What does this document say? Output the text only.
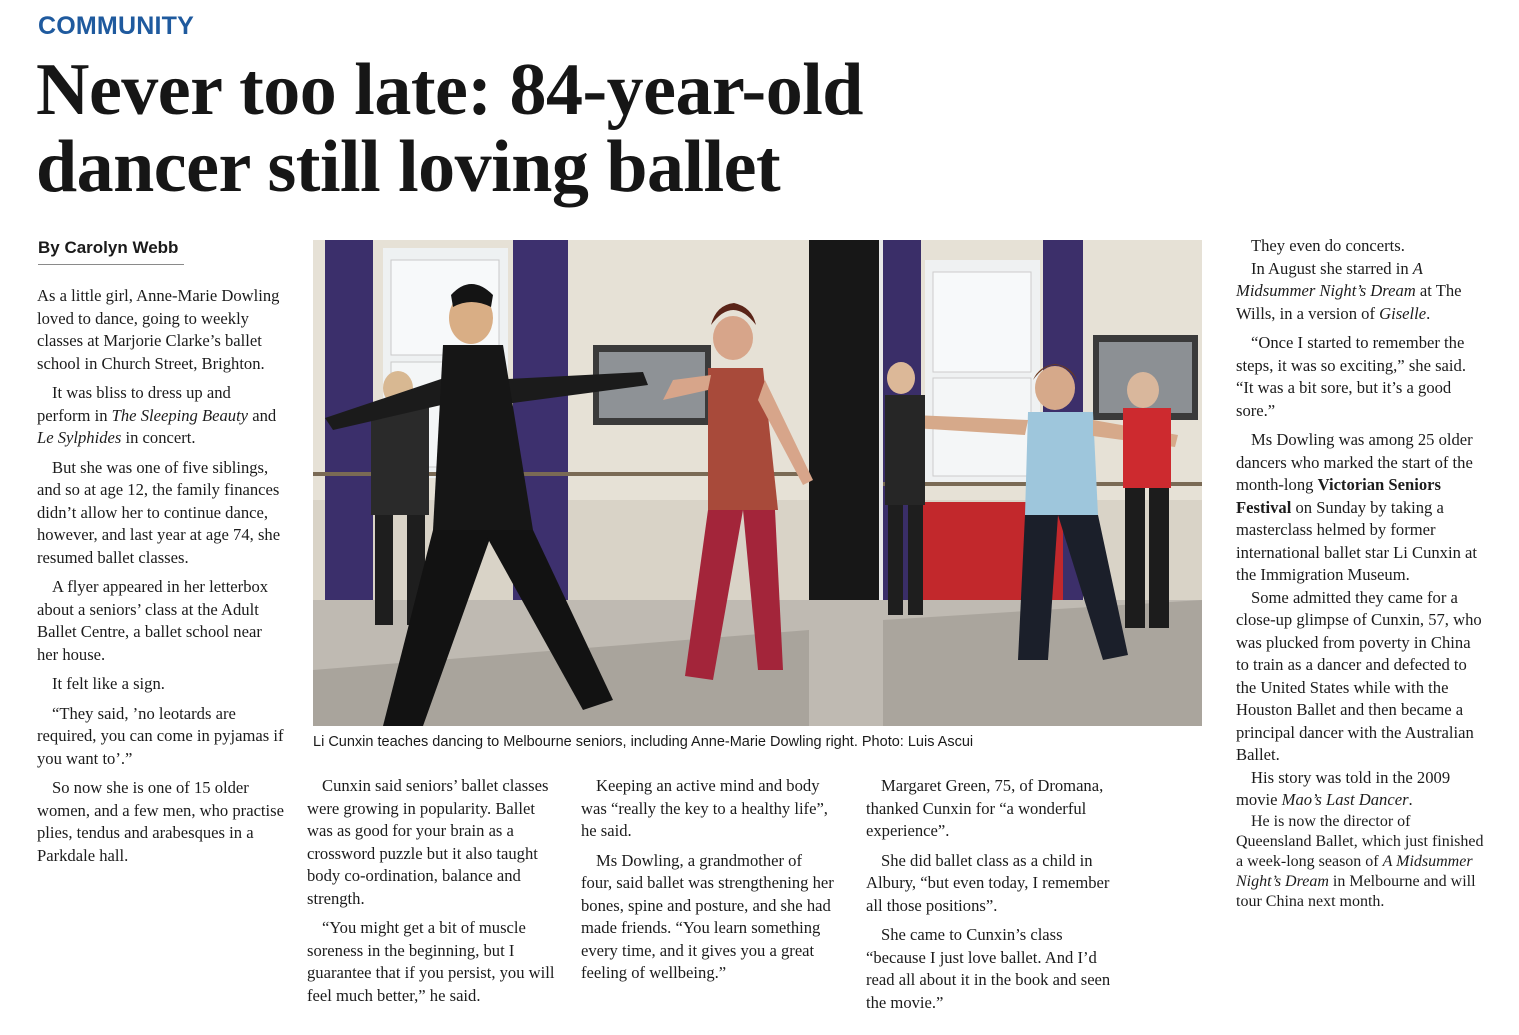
COMMUNITY
Never too late: 84-year-old
dancer still loving ballet
By Carolyn Webb

As a little girl, Anne-Marie Dowling loved to dance, going to weekly classes at Marjorie Clarke’s ballet school in Church Street, Brighton.

It was bliss to dress up and perform in The Sleeping Beauty and Le Sylphides in concert.

But she was one of five siblings, and so at age 12, the family finances didn’t allow her to continue dance, however, and last year at age 74, she resumed ballet classes.

A flyer appeared in her letterbox about a seniors’ class at the Adult Ballet Centre, a ballet school near her house.

It felt like a sign.

“They said, ’no leotards are required, you can come in pyjamas if you want to’.”

So now she is one of 15 older women, and a few men, who practise plies, tendus and arabesques in a Parkdale hall.

Li Cunxin teaches dancing to Melbourne seniors, including Anne-Marie Dowling right. Photo: Luis Ascui

Cunxin said seniors’ ballet classes were growing in popularity. Ballet was as good for your brain as a crossword puzzle but it also taught body co-ordination, balance and strength.

“You might get a bit of muscle soreness in the beginning, but I guarantee that if you persist, you will feel much better,” he said.

Keeping an active mind and body was “really the key to a healthy life”, he said.

Ms Dowling, a grandmother of four, said ballet was strengthening her bones, spine and posture, and she had made friends. “You learn something every time, and it gives you a great feeling of wellbeing.”

Margaret Green, 75, of Dromana, thanked Cunxin for “a wonderful experience”.

She did ballet class as a child in Albury, “but even today, I remember all those positions”.

She came to Cunxin’s class “because I just love ballet. And I’d read all about it in the book and seen the movie.”

They even do concerts.

In August she starred in A Midsummer Night’s Dream at The Wills, in a version of Giselle.

“Once I started to remember the steps, it was so exciting,” she said. “It was a bit sore, but it’s a good sore.”

Ms Dowling was among 25 older dancers who marked the start of the month-long Victorian Seniors Festival on Sunday by taking a masterclass helmed by former international ballet star Li Cunxin at the Immigration Museum.

Some admitted they came for a close-up glimpse of Cunxin, 57, who was plucked from poverty in China to train as a dancer and defected to the United States while with the Houston Ballet and then became a principal dancer with the Australian Ballet.

His story was told in the 2009 movie Mao’s Last Dancer.

He is now the director of Queensland Ballet, which just finished a week-long season of A Midsummer Night’s Dream in Melbourne and will tour China next month.
